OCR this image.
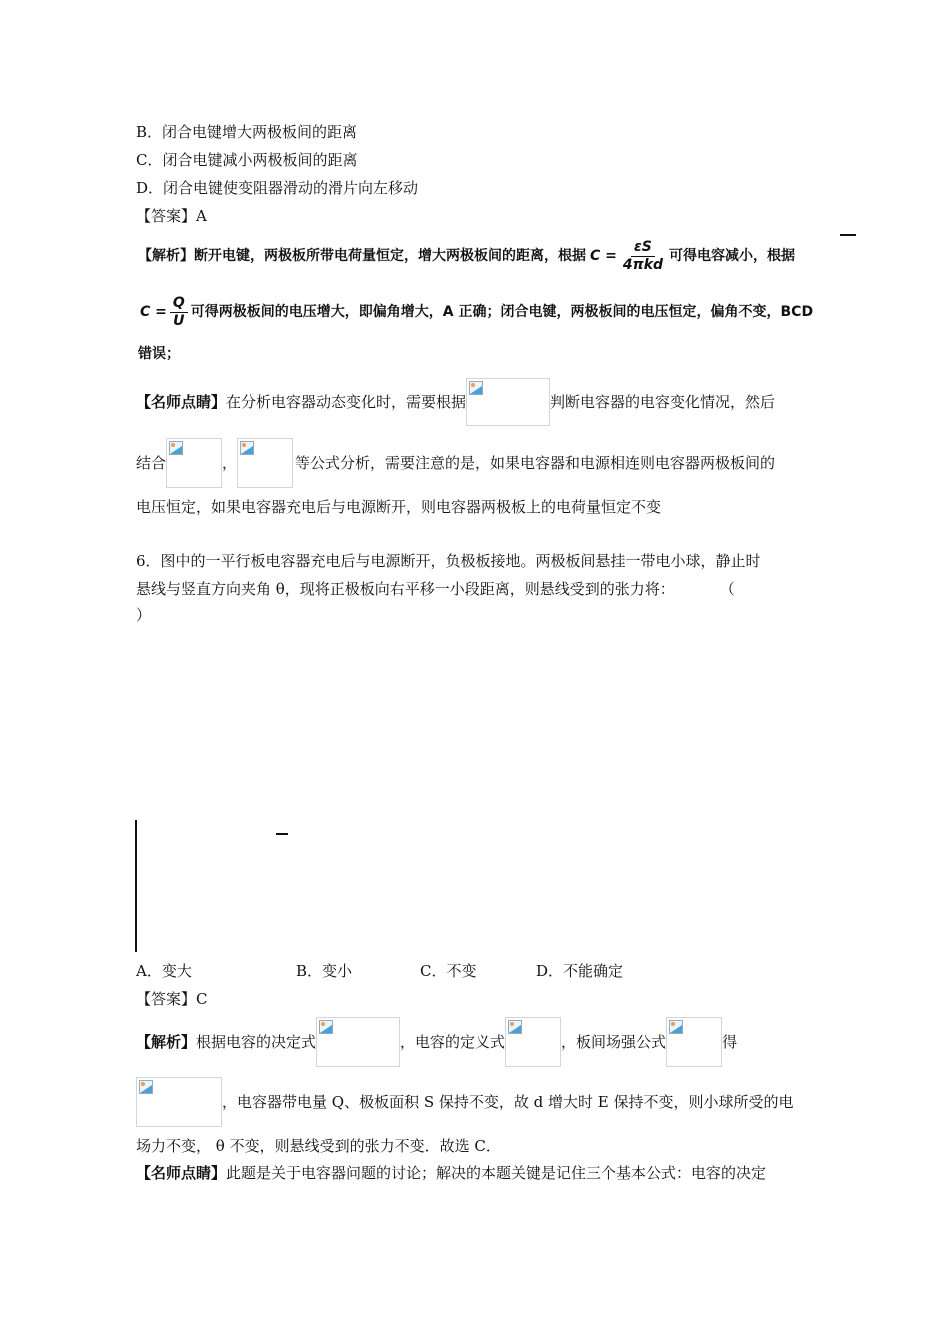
B．闭合电键增大两极板间的距离
C．闭合电键减小两极板间的距离
D．闭合电键使变阻器滑动的滑片向左移动
【答案】A
【解析】 断开电键，两极板所带电荷量恒定，增大两极板间的距离，根据 $C = \frac{\varepsilon S}{\text{4πkd}}$ 可得电容减小，根据
$C = \frac{Q}{U}$ 可得两极板间的电压增大，即偏角增大，A 正确；闭合电键，两极板间的电压恒定，偏角不变，BCD
错误；
【名师点睛】 在分析电容器动态变化时，需要根据	判断电容器的电容变化情况，然后
结合	，	等公式分析，需要注意的是，如果电容器和电源相连则电容器两极板间的
电压恒定，如果电容器充电后与电源断开，则电容器两极板上的电荷量恒定不变
6．图中的一平行板电容器充电后与电源断开，负极板接地。两极板间悬挂一带电小球，静止时
悬线与竖直方向夹角 θ，现将正极板向右平移一小段距离，则悬线受到的张力将：　　　　（
）
A．变大	B．变小	C．不变	D．不能确定
【答案】C
【解析】 根据电容的决定式	，电容的定义式	，板间场强公式	得
，电容器带电量 Q、极板面积 S 保持不变，故 d 增大时 E 保持不变，则小球所受的电
场力不变， θ 不变，则悬线受到的张力不变．故选 C．
【名师点睛】此题是关于电容器问题的讨论；解决的本题关键是记住三个基本公式：电容的决定
